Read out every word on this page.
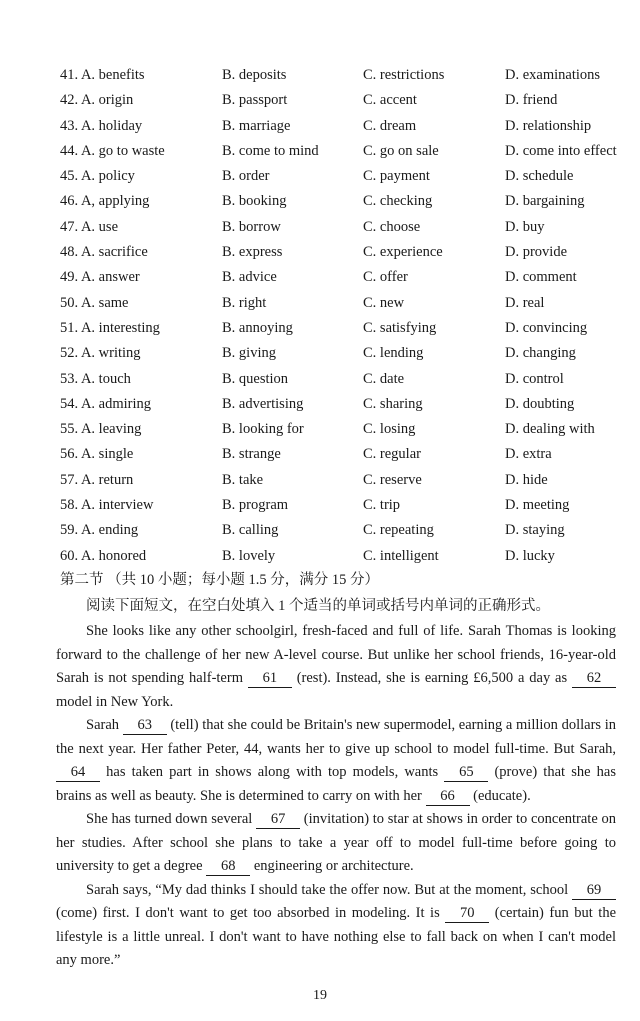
41. A. benefits	B. deposits	C. restrictions	D. examinations
42. A. origin	B. passport	C. accent	D. friend
43. A. holiday	B. marriage	C. dream	D. relationship
44. A. go to waste	B. come to mind	C. go on sale	D. come into effect
45. A. policy	B. order	C. payment	D. schedule
46. A, applying	B. booking	C. checking	D. bargaining
47. A. use	B. borrow	C. choose	D. buy
48. A. sacrifice	B. express	C. experience	D. provide
49. A. answer	B. advice	C. offer	D. comment
50. A. same	B. right	C. new	D. real
51. A. interesting	B. annoying	C. satisfying	D. convincing
52. A. writing	B. giving	C. lending	D. changing
53. A. touch	B. question	C. date	D. control
54. A. admiring	B. advertising	C. sharing	D. doubting
55. A. leaving	B. looking for	C. losing	D. dealing with
56. A. single	B. strange	C. regular	D. extra
57. A. return	B. take	C. reserve	D. hide
58. A. interview	B. program	C. trip	D. meeting
59. A. ending	B. calling	C. repeating	D. staying
60. A. honored	B. lovely	C. intelligent	D. lucky
第二节 （共 10 小题；每小题 1.5 分，满分 15 分）
阅读下面短文，在空白处填入 1 个适当的单词或括号内单词的正确形式。

She looks like any other schoolgirl, fresh-faced and full of life. Sarah Thomas is looking forward to the challenge of her new A-level course. But unlike her school friends, 16-year-old Sarah is not spending half-term 61 (rest). Instead, she is earning £6,500 a day as 62 model in New York.

Sarah 63 (tell) that she could be Britain's new supermodel, earning a million dollars in the next year. Her father Peter, 44, wants her to give up school to model full-time. But Sarah, 64 has taken part in shows along with top models, wants 65 (prove) that she has brains as well as beauty. She is determined to carry on with her 66 (educate).

She has turned down several 67 (invitation) to star at shows in order to concentrate on her studies. After school she plans to take a year off to model full-time before going to university to get a degree 68 engineering or architecture.

Sarah says, “My dad thinks I should take the offer now. But at the moment, school 69 (come) first. I don't want to get too absorbed in modeling. It is 70 (certain) fun but the lifestyle is a little unreal. I don't want to have nothing else to fall back on when I can't model any more.”

19
